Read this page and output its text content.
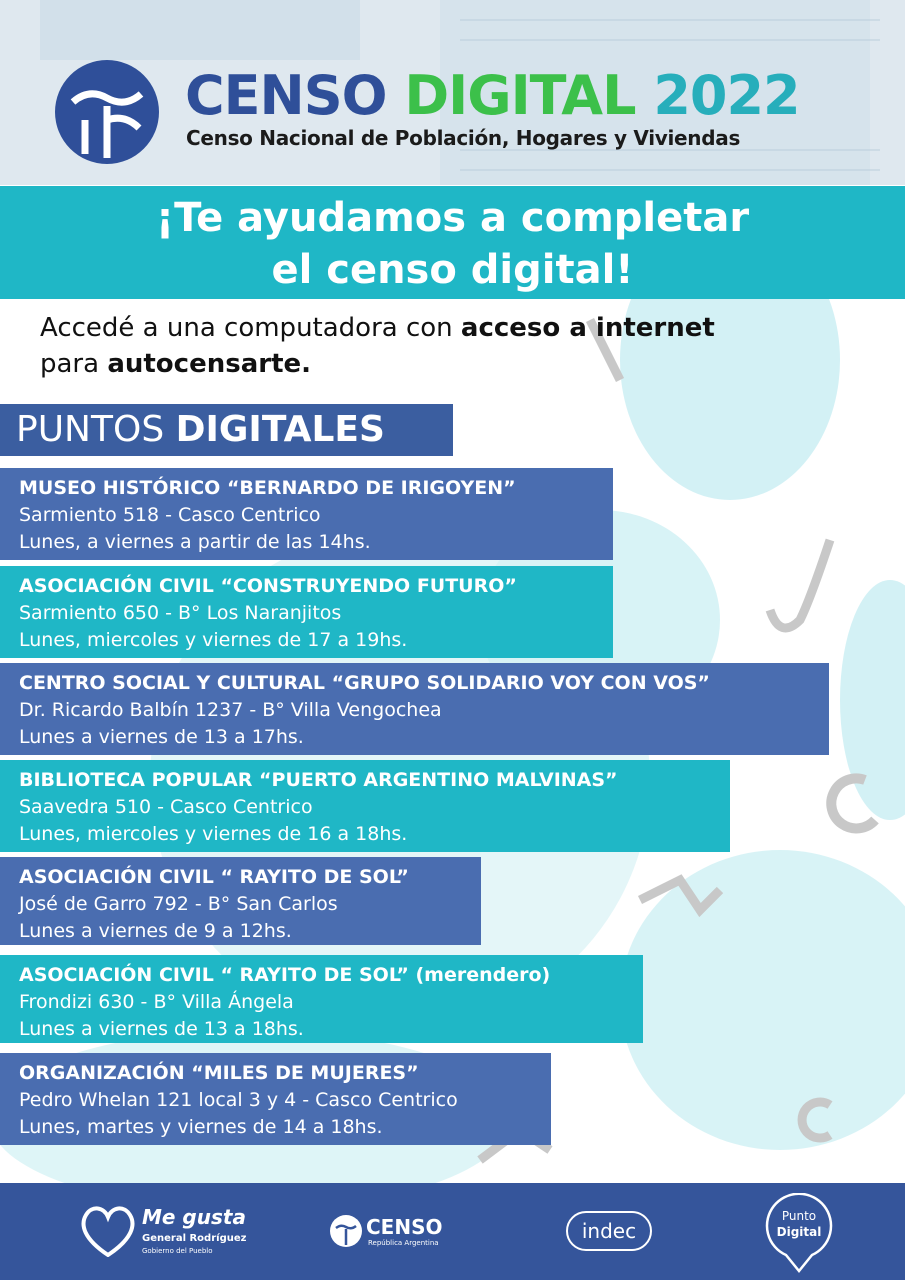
CENSO DIGITAL 2022
Censo Nacional de Población, Hogares y Viviendas
¡Te ayudamos a completar
el censo digital!
Accedé a una computadora con acceso a internet
para autocensarte.
PUNTOS DIGITALES
MUSEO HISTÓRICO “BERNARDO DE IRIGOYEN”
Sarmiento 518 - Casco Centrico
Lunes, a viernes a partir de las 14hs.
ASOCIACIÓN CIVIL “CONSTRUYENDO FUTURO”
Sarmiento 650 - B° Los Naranjitos
Lunes, miercoles y viernes de 17 a 19hs.
CENTRO SOCIAL Y CULTURAL “GRUPO SOLIDARIO VOY CON VOS”
Dr. Ricardo Balbín 1237 - B° Villa Vengochea
Lunes a viernes de 13 a 17hs.
BIBLIOTECA POPULAR “PUERTO ARGENTINO MALVINAS”
Saavedra 510 - Casco Centrico
Lunes, miercoles y viernes de 16 a 18hs.
ASOCIACIÓN CIVIL “ RAYITO DE SOL”
José de Garro 792 - B° San Carlos
Lunes a viernes de 9 a 12hs.
ASOCIACIÓN CIVIL “ RAYITO DE SOL” (merendero)
Frondizi 630 - B° Villa Ángela
Lunes a viernes de 13 a 18hs.
ORGANIZACIÓN “MILES DE MUJERES”
Pedro Whelan 121 local 3 y 4 - Casco Centrico
Lunes, martes y viernes de 14 a 18hs.
Me gusta
General Rodríguez
Gobierno del Pueblo
CENSO
República Argentina	indec
Punto
Digital
